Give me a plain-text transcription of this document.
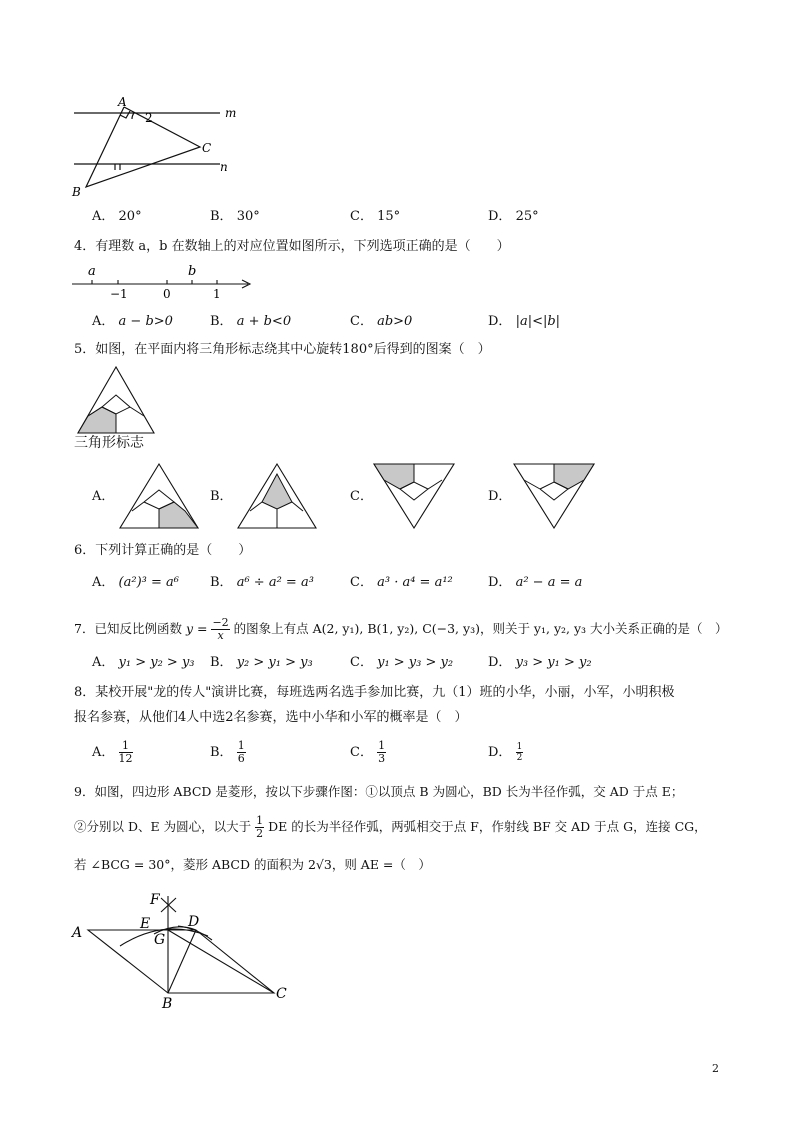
A
m
2
C
n
B
A． 20°	B． 30°	C． 15°	D． 25°
4．有理数 a，b 在数轴上的对应位置如图所示，下列选项正确的是（　　）
a	b
−1	0	1
A． a − b>0	B． a + b<0	C． ab>0	D． |a|<|b|
5．如图，在平面内将三角形标志绕其中心旋转180°后得到的图案（　）
三角形标志
A．	B．	C．	D．
6．下列计算正确的是（　　）
A． (a²)³ = a⁶ B． a⁶ ÷ a² = a³	C． a³ · a⁴ = a¹²	D． a² − a = a
7．已知反比例函数 $y = \frac{-2}{x}$ 的图象上有点 A(2, y₁), B(1, y₂), C(−3, y₃)，则关于 y₁, y₂, y₃ 大小关系正确的是（　）
A． y₁ > y₂ > y₃ B． y₂ > y₁ > y₃	C． y₁ > y₃ > y₂	D． y₃ > y₁ > y₂
8．某校开展"龙的传人"演讲比赛，每班选两名选手参加比赛，九（1）班的小华，小丽，小军，小明积极
报名参赛，从他们4人中选2名参赛，选中小华和小军的概率是（　）
A． $\frac{1}{12}$	B． $\frac{1}{6}$	C． $\frac{1}{3}$	D． $\frac{1}{2}$
9．如图，四边形 ABCD 是菱形，按以下步骤作图：①以顶点 B 为圆心，BD 长为半径作弧，交 AD 于点 E；
②分别以 D、E 为圆心，以大于 $\frac{1}{2}$ DE 的长为半径作弧，两弧相交于点 F，作射线 BF 交 AD 于点 G，连接 CG，
若 ∠BCG = 30°，菱形 ABCD 的面积为 2√3，则 AE =（　）
F
E	D
A	G
B
C
2
